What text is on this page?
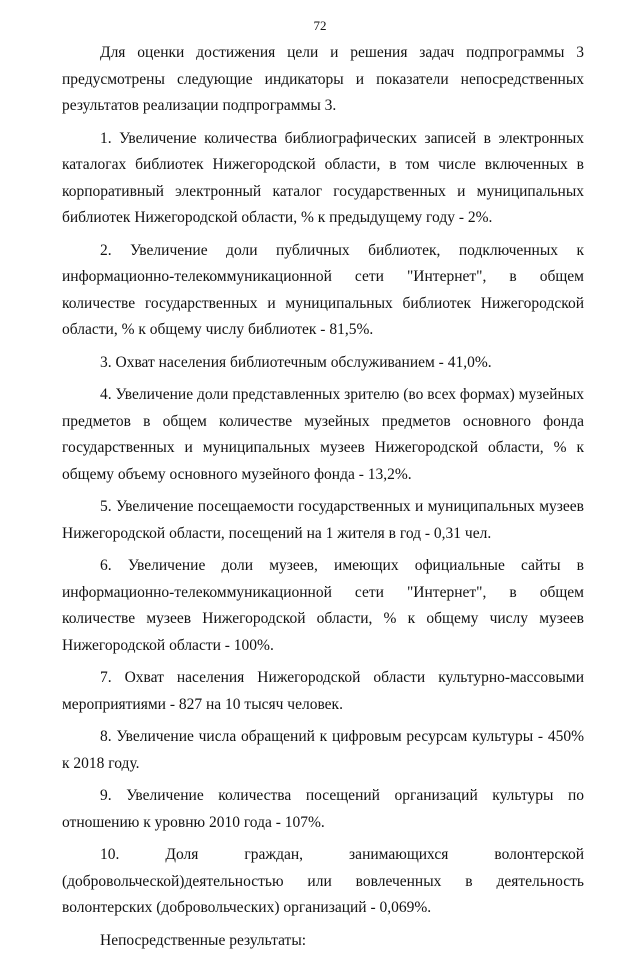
72

Для оценки достижения цели и решения задач подпрограммы 3 предусмотрены следующие индикаторы и показатели непосредственных результатов реализации подпрограммы 3.

1. Увеличение количества библиографических записей в электронных каталогах библиотек Нижегородской области, в том числе включенных в корпоративный электронный каталог государственных и муниципальных библиотек Нижегородской области, % к предыдущему году - 2%.

2. Увеличение доли публичных библиотек, подключенных к информационно-телекоммуникационной сети "Интернет", в общем количестве государственных и муниципальных библиотек Нижегородской области, % к общему числу библиотек - 81,5%.

3. Охват населения библиотечным обслуживанием - 41,0%.

4. Увеличение доли представленных зрителю (во всех формах) музейных предметов в общем количестве музейных предметов основного фонда государственных и муниципальных музеев Нижегородской области, % к общему объему основного музейного фонда - 13,2%.

5. Увеличение посещаемости государственных и муниципальных музеев Нижегородской области, посещений на 1 жителя в год - 0,31 чел.

6. Увеличение доли музеев, имеющих официальные сайты в информационно-телекоммуникационной сети "Интернет", в общем количестве музеев Нижегородской области, % к общему числу музеев Нижегородской области - 100%.

7. Охват населения Нижегородской области культурно-массовыми мероприятиями - 827 на 10 тысяч человек.

8. Увеличение числа обращений к цифровым ресурсам культуры - 450% к 2018 году.

9. Увеличение количества посещений организаций культуры по отношению к уровню 2010 года - 107%.

10. Доля граждан, занимающихся волонтерской (добровольческой)деятельностью или вовлеченных в деятельность волонтерских (добровольческих) организаций - 0,069%.

Непосредственные результаты:
